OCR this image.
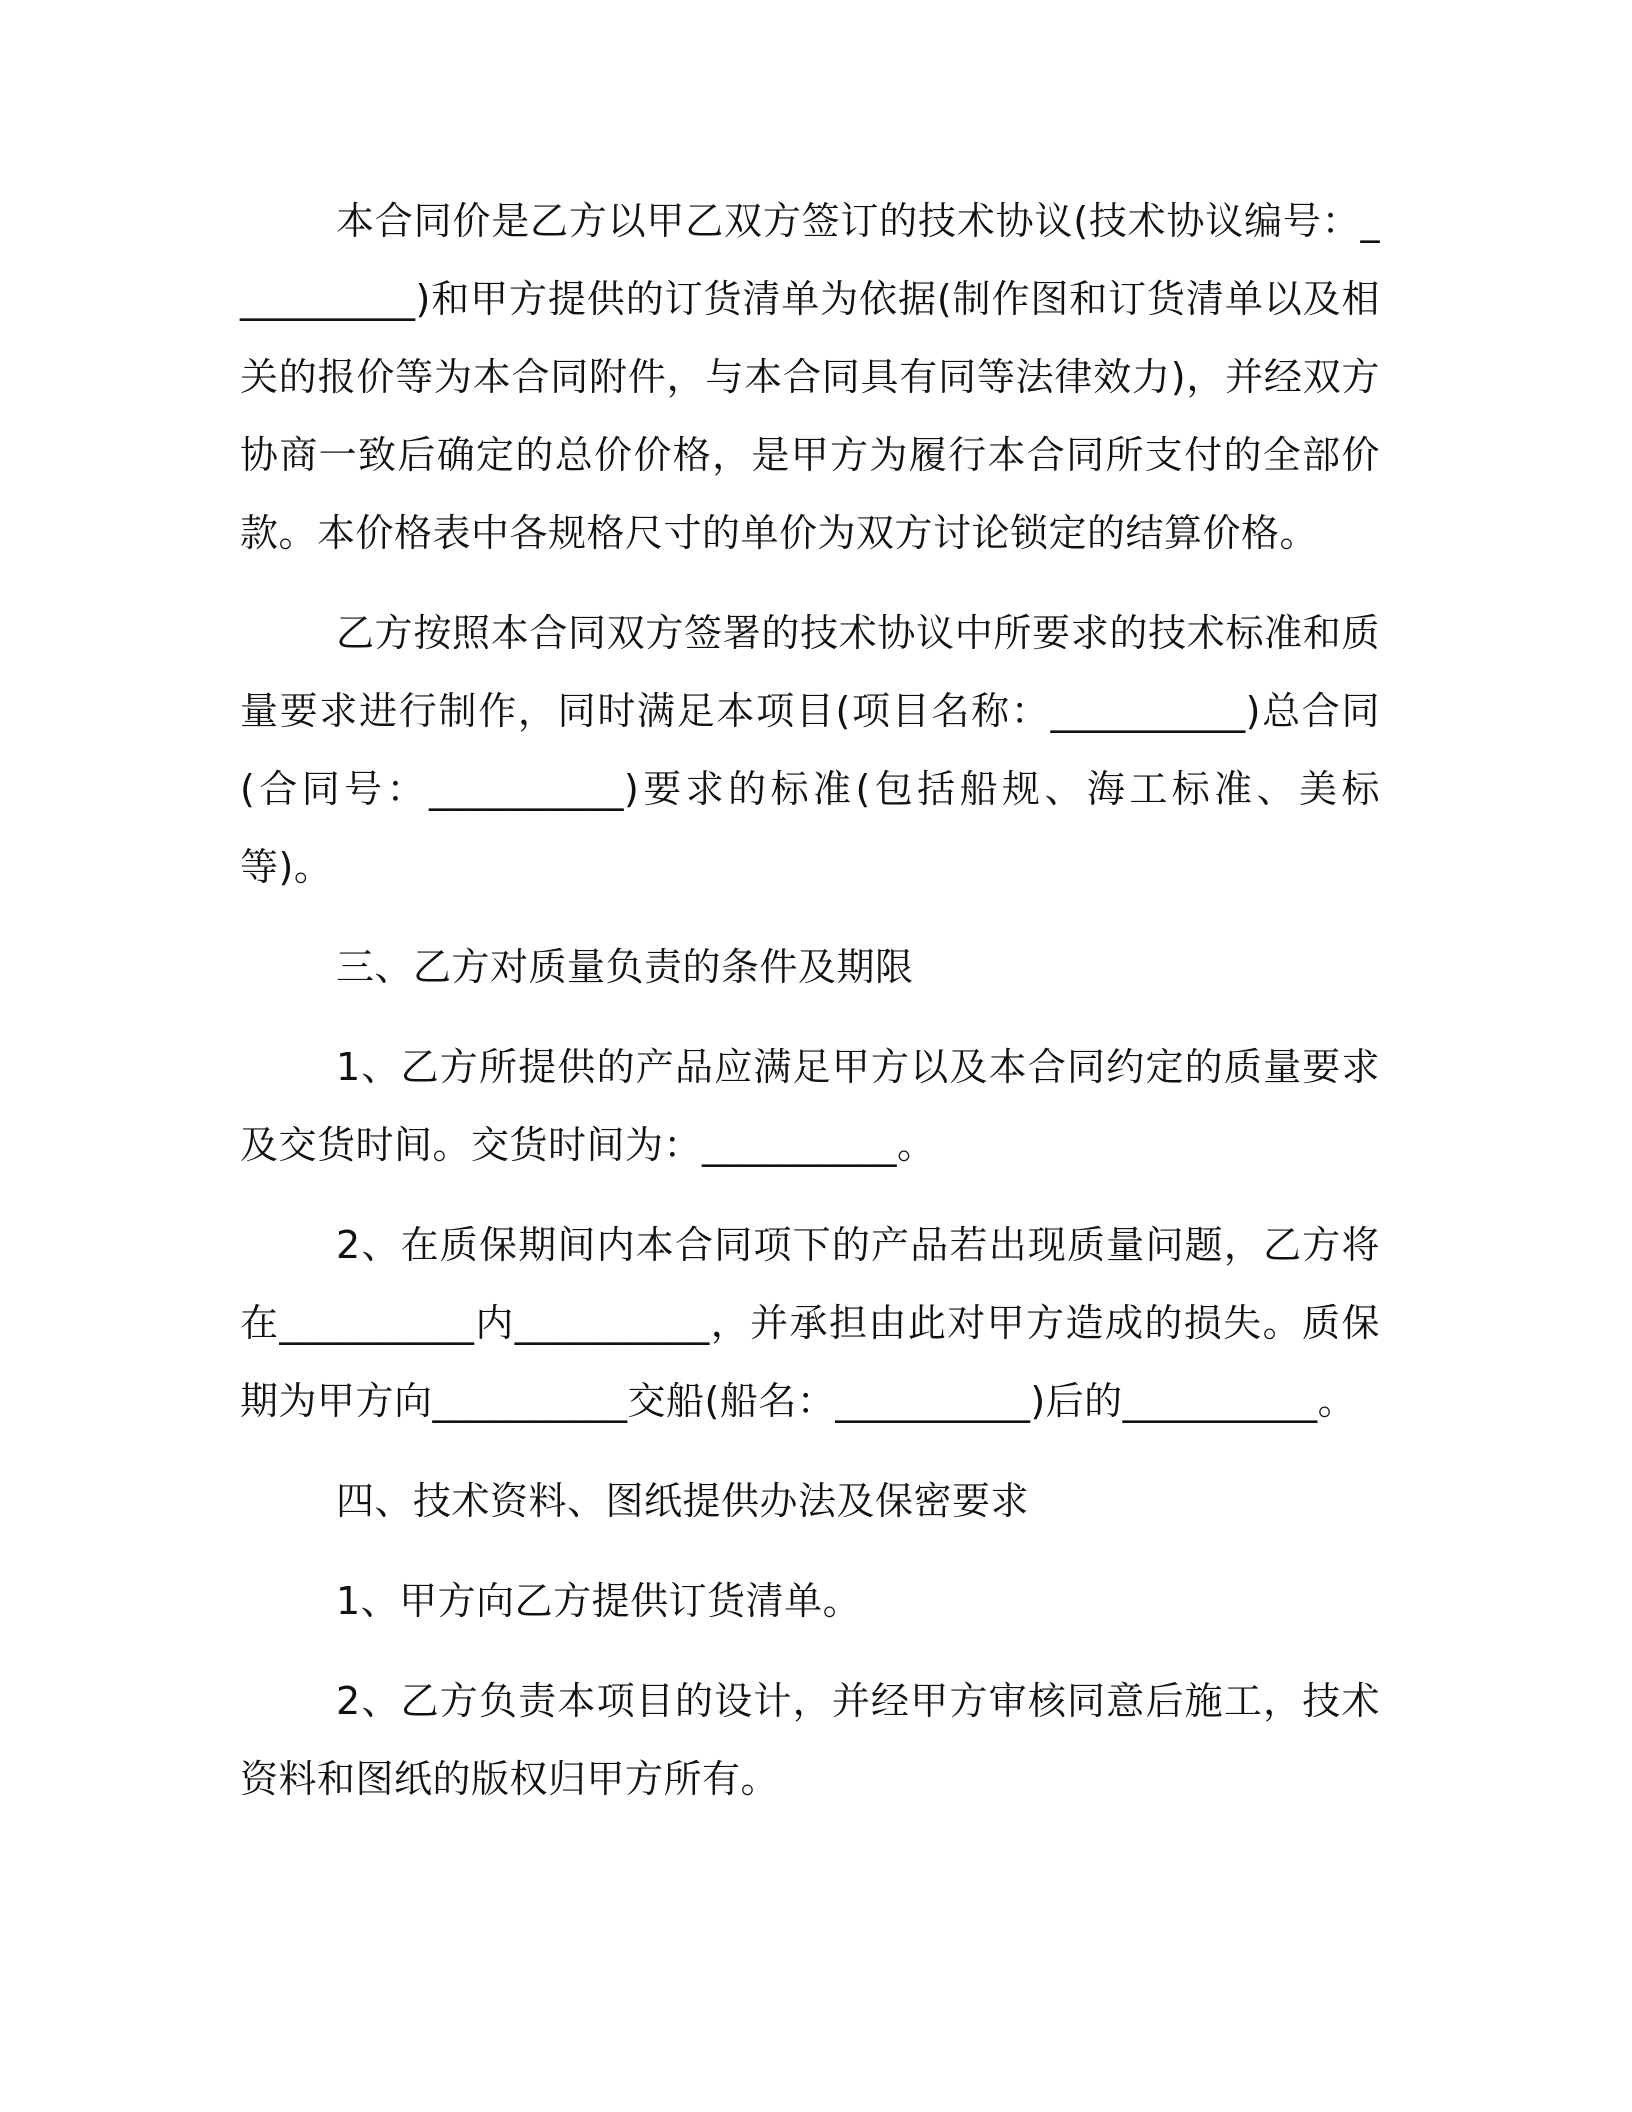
本合同价是乙方以甲乙双方签订的技术协议(技术协议编号：__________)和甲方提供的订货清单为依据(制作图和订货清单以及相关的报价等为本合同附件，与本合同具有同等法律效力)，并经双方协商一致后确定的总价价格，是甲方为履行本合同所支付的全部价款。本价格表中各规格尺寸的单价为双方讨论锁定的结算价格。

乙方按照本合同双方签署的技术协议中所要求的技术标准和质量要求进行制作，同时满足本项目(项目名称：__________)总合同(合同号：__________)要求的标准(包括船规、海工标准、美标等)。

三、乙方对质量负责的条件及期限

1、乙方所提供的产品应满足甲方以及本合同约定的质量要求及交货时间。交货时间为：__________。

2、在质保期间内本合同项下的产品若出现质量问题，乙方将在__________内__________，并承担由此对甲方造成的损失。质保期为甲方向__________交船(船名：__________)后的__________。

四、技术资料、图纸提供办法及保密要求

1、甲方向乙方提供订货清单。

2、乙方负责本项目的设计，并经甲方审核同意后施工，技术资料和图纸的版权归甲方所有。
